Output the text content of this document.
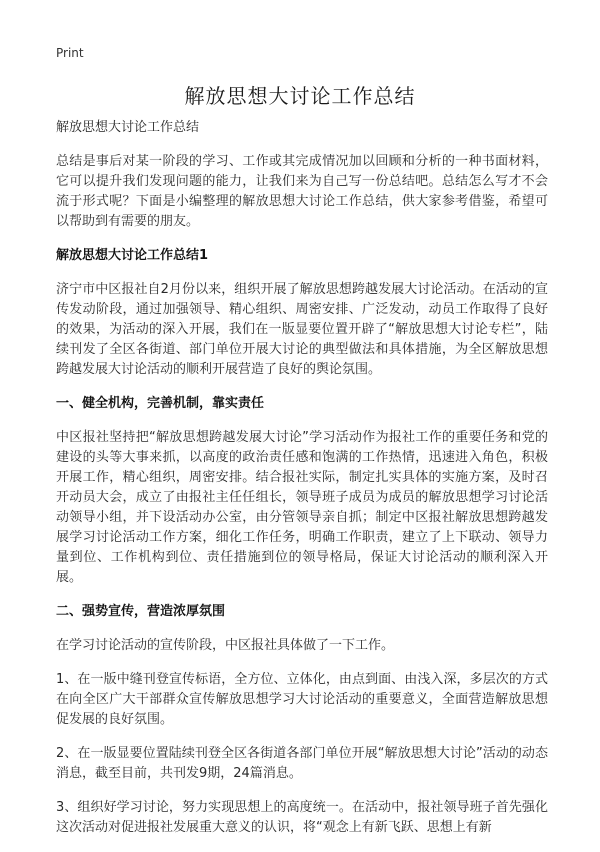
Print
解放思想大讨论工作总结
解放思想大讨论工作总结

总结是事后对某一阶段的学习、工作或其完成情况加以回顾和分析的一种书面材料，它可以提升我们发现问题的能力，让我们来为自己写一份总结吧。总结怎么写才不会流于形式呢？下面是小编整理的解放思想大讨论工作总结，供大家参考借鉴，希望可以帮助到有需要的朋友。

解放思想大讨论工作总结1

济宁市中区报社自2月份以来，组织开展了解放思想跨越发展大讨论活动。在活动的宣传发动阶段，通过加强领导、精心组织、周密安排、广泛发动，动员工作取得了良好的效果，为活动的深入开展，我们在一版显要位置开辟了“解放思想大讨论专栏”，陆续刊发了全区各街道、部门单位开展大讨论的典型做法和具体措施，为全区解放思想跨越发展大讨论活动的顺利开展营造了良好的舆论氛围。

一、健全机构，完善机制，靠实责任

中区报社坚持把“解放思想跨越发展大讨论”学习活动作为报社工作的重要任务和党的建设的头等大事来抓，以高度的政治责任感和饱满的工作热情，迅速进入角色，积极开展工作，精心组织，周密安排。结合报社实际，制定扎实具体的实施方案，及时召开动员大会，成立了由报社主任任组长，领导班子成员为成员的解放思想学习讨论活动领导小组，并下设活动办公室，由分管领导亲自抓；制定中区报社解放思想跨越发展学习讨论活动工作方案，细化工作任务，明确工作职责，建立了上下联动、领导力量到位、工作机构到位、责任措施到位的领导格局，保证大讨论活动的顺利深入开展。

二、强势宣传，营造浓厚氛围

在学习讨论活动的宣传阶段，中区报社具体做了一下工作。

1、在一版中缝刊登宣传标语，全方位、立体化，由点到面、由浅入深，多层次的方式在向全区广大干部群众宣传解放思想学习大讨论活动的重要意义，全面营造解放思想促发展的良好氛围。

2、在一版显要位置陆续刊登全区各街道各部门单位开展“解放思想大讨论”活动的动态消息，截至目前，共刊发9期，24篇消息。

3、组织好学习讨论，努力实现思想上的高度统一。在活动中，报社领导班子首先强化这次活动对促进报社发展重大意义的认识，将“观念上有新飞跃、思想上有新
